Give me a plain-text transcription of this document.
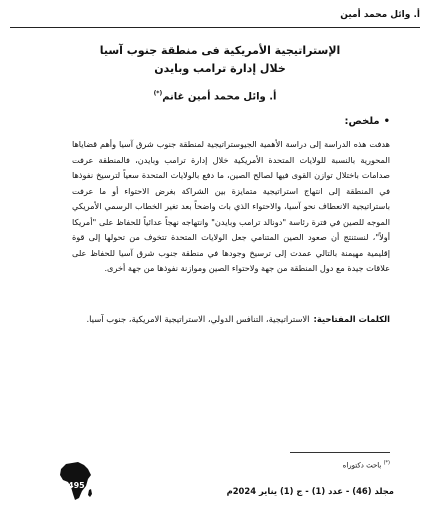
أ. وائل محمد أمين
الإستراتيجية الأمريكية فى منطقة جنوب آسيا
خلال إدارة ترامب وبايدن
أ. وائل محمد أمين غانم(*)
•ملخص:
هدفت هذه الدراسة إلى دراسة الأهمية الجيوستراتيجية لمنطقة جنوب شرق آسيا وأهم قضاياها المحورية بالنسبة للولايات المتحدة الأمريكية خلال إدارة ترامب وبايدن، فالمنطقة عرفت صدامات باختلال توازن القوى فيها لصالح الصين، ما دفع بالولايات المتحدة سعياً لترسيخ نفوذها في المنطقة إلى انتهاج استراتيجية متمايزة بين الشراكة بغرض الاحتواء أو ما عرفت باستراتيجية الانعطاف نحو آسيا، والاحتواء الذي بات واضحاً بعد تغير الخطاب الرسمي الأمريكي الموجه للصين في فترة رئاسة "دونالد ترامب وبايدن" وانتهاجه نهجاً عدائياً للحفاظ على "أمريكا أولاً"، لنستنتج أن صعود الصين المتنامي جعل الولايات المتحدة تتخوف من تحولها إلى قوة إقليمية مهيمنة بالتالي عمدت إلى ترسيخ وجودها في منطقة جنوب شرق آسيا للحفاظ على علاقات جيدة مع دول المنطقة من جهة ولاحتواء الصين وموازنة نفوذها من جهة أخرى.
الكلمات المفتاحية:الاستراتيجية، التنافس الدولي، الاستراتيجية الامريكية، جنوب آسيا.
(*) باحث دكتوراه
495
مجلد (46) - عدد (1) - ج (1) يناير 2024م
